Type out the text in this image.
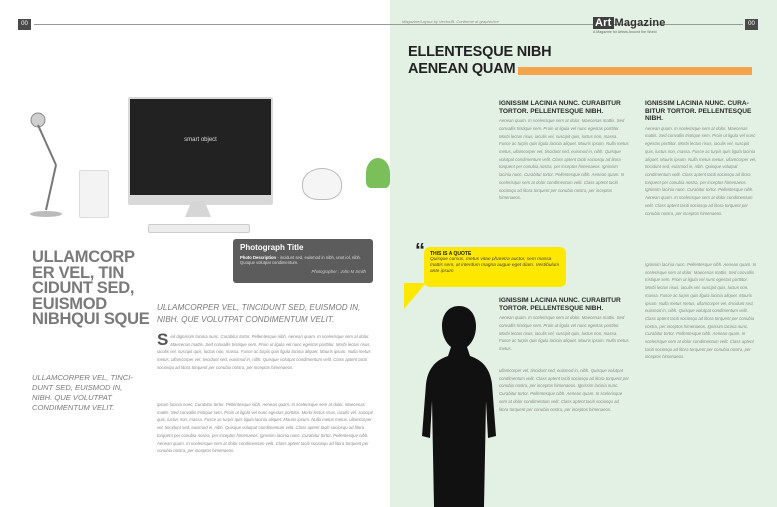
00
smart object
Photograph Title
Photo Description - incidunt sed, euismod in nibh, unot iol, nibh. Quoque volutpat condimentum.
Photographer : John M Smith
ULLAMCORP ER VEL, TIN CIDUNT SED, EUISMOD NIBHQUI SQUE
ULLAMCORPER VEL, TINCI-DUNT SED, EUISMOD IN, NIBH. QUE VOLUTPAT CONDIMENTUM VELIT.
ULLAMCORPER VEL, TINCIDUNT SED, EUISMOD IN, NIBH. QUE VOLUTPAT CONDIMENTUM VELIT.
Sed dignissim lacinia nunc. Curabitur tortor. Pellentesque nibh. Aenean quam. In scelerisque sem at dolor. Maecenas mattis. Sed convallis tristique sem. Proin ut ligula vel nunc egestas porttitor. Morbi lectus risus, iaculis vel, suscipit quis, luctus non, massa. Fusce ac turpis quis ligula lacinia aliquet. Mauris ipsum. Nulla metus metus, ullamcorper vel, tincidunt sed, euismod in, nibh. Quisque volutpat condimentum velit. Class aptent taciti sociosqu ad litora torquent per conubia nostra, per inceptos himenaeos.
ipsum lacinia nunc. Curabitur tortor. Pellentesque nibh. Aenean quam. In scelerisque sem at dolor. Maecenas mattis. Sed convallis tristique sem. Proin ut ligula vel nunc egestas porttitor. Morbi lectus risus, iaculis vel, suscipit quis, luctus non, massa. Fusce ac turpis quis ligula lacinia aliquet. Mauris ipsum. Nulla metus metus, ullamcorper vel, tincidunt sed, euismod in, nibh. Quisque volutpat condimentum velit. Class aptent taciti sociosqu ad litora torquent per conubia nostra, per inceptos himenaeos. Ignissim lacinia nunc. Curabitur tortor. Pellentesque nibh. Aenean quam. In scelerisque sem at dolor condimentum velit. Class aptent taciti sociosqu ad litora torquent per conubia nostra, per inceptos himenaeos.
Magazine/Layout by Vector/B. Conforme at graphic/ice	00
Art Magazine
A Magazine for Artists Around the World
ELLENTESQUE NIBH
AENEAN QUAM
IGNISSIM LACINIA NUNC. CURABITUR TORTOR. PELLENTESQUE NIBH.
Aenean quam. In scelerisque sem at dolor. Maecenas mattis. Sed convallis tristique sem. Proin ut ligula vel nunc egestas porttitor. Morbi lectus risus, iaculis vel, suscipit quis, luctus non, massa. Fusce ac turpis quis ligula lacinia aliquet. Mauris ipsum. Nulla metus metus, ullamcorper vel, tincidunt sed, euismod in, nibh. Quisque volutpat condimentum velit. Class aptent taciti sociosqu ad litora torquent per conubia nostra, per inceptos himenaeos. Ignissim lacinia nunc. Curabitur tortor. Pellentesque nibh. Aenean quam. In scelerisque sem at dolor condimentum velit. Class aptent taciti sociosqu ad litora torquent per conubia nostra, per inceptos himenaeos.
IGNISSIM LACINIA NUNC. CURA-BITUR TORTOR. PELLENTESQUE NIBH.
Aenean quam. In scelerisque sem at dolor. Maecenas mattis. Sed convallis tristique sem. Proin ut ligula vel nunc egestas porttitor. Morbi lectus risus, iaculis vel, suscipit quis, luctus non, massa. Fusce ac turpis quis ligula lacinia aliquet. Mauris ipsum. Nulla metus metus, ullamcorper vel, tincidunt sed, euismod in, nibh. Quisque volutpat condimentum velit. Class aptent taciti sociosqu ad litora torquent per conubia nostra, per inceptos himenaeos. Ignissim lacinia nunc. Curabitur tortor. Pellentesque nibh. Aenean quam. In scelerisque sem at dolor condimentum velit. Class aptent taciti sociosqu ad litora torquent per conubia nostra, per inceptos himenaeos.
Ignissim lacinia nunc. Pellentesque nibh. Aenean quam. In scelerisque sem at dolor. Maecenas mattis. Sed convallis tristique sem. Proin ut ligula vel nunc egestas porttitor. Morbi lectus risus, iaculis vel, suscipit quis, luctus non, massa. Fusce ac turpis quis ligula lacinia aliquet. Mauris ipsum. Nulla metus metus, ullamcorper vel, tincidunt sed, euismod in, nibh. Quisque volutpat condimentum velit. Class aptent taciti sociosqu ad litora torquent per conubia nostra, per inceptos himenaeos. Ignissim lacinia nunc. Curabitur tortor. Pellentesque nibh. Aenean quam. In scelerisque sem at dolor condimentum velit. Class aptent taciti sociosqu ad litora torquent per conubia nostra, per inceptos himenaeos.
THIS IS A QUOTE
Quisque cursus, metus vitae pharetra auctor, sem massa mattis sem, at interdum magna augue eget diam. Vestibulum ante ipsum
“
IGNISSIM LACINIA NUNC. CURABITUR TORTOR. PELLENTESQUE NIBH.
Aenean quam. In scelerisque sem at dolor. Maecenas mattis. Sed convallis tristique sem. Proin ut ligula vel nunc egestas porttitor. Morbi lectus risus, iaculis vel, suscipit quis, luctus non, massa. Fusce ac turpis quis ligula lacinia aliquet. Mauris ipsum. Nulla metus metus.
ullamcorper vel, tincidunt sed, euismod in, nibh. Quisque volutpat condimentum velit. Class aptent taciti sociosqu ad litora torquent per conubia nostra, per inceptos himenaeos. Ignissim lacinia nunc. Curabitur tortor. Pellentesque nibh. Aenean quam. In scelerisque sem at dolor condimentum velit. Class aptent taciti sociosqu ad litora torquent per conubia nostra, per inceptos himenaeos.
